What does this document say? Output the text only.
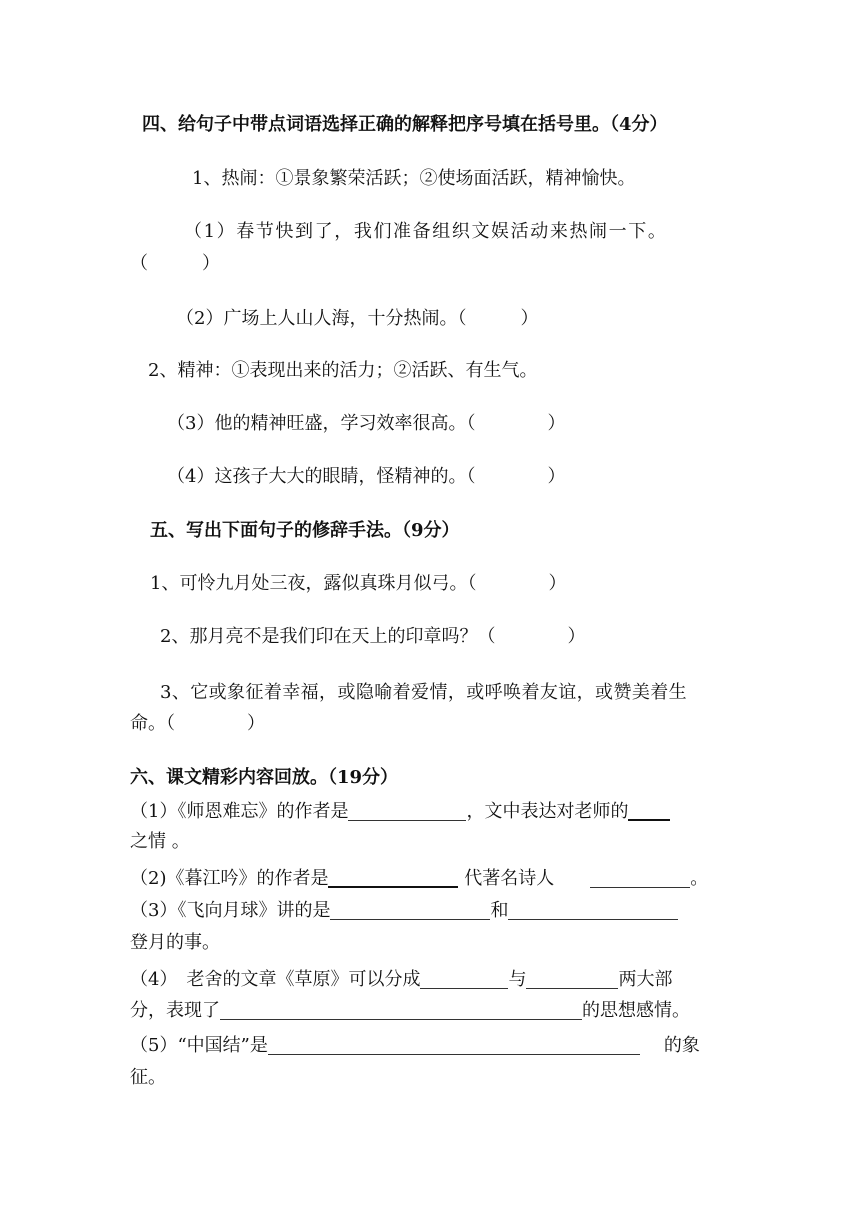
四、给句子中带点词语选择正确的解释把序号填在括号里。（4分）
1、热闹：①景象繁荣活跃；②使场面活跃，精神愉快。
（1）春节快到了，我们准备组织文娱活动来热闹一下。
（　　　）
（2）广场上人山人海，十分热闹。（　　　）
2、精神：①表现出来的活力；②活跃、有生气。
（3）他的精神旺盛，学习效率很高。（　　　　）
（4）这孩子大大的眼睛，怪精神的。（　　　　）
五、写出下面句子的修辞手法。（9分）
1、可怜九月处三夜，露似真珠月似弓。（　　　　）
2、那月亮不是我们印在天上的印章吗？（　　　　）
3、它或象征着幸福，或隐喻着爱情，或呼唤着友谊，或赞美着生
命。（　　　　）
六、课文精彩内容回放。（19分）
（1）《师恩难忘》的作者是	，文中表达对老师的
之情 。
（2)《暮江吟》的作者是	代著名诗人	。
（3）《飞向月球》讲的是	和
登月的事。
（4）　老舍的文章《草原》可以分成	与	两大部
分，表现了	的思想感情。
（5）“中国结”是	的象
征。
